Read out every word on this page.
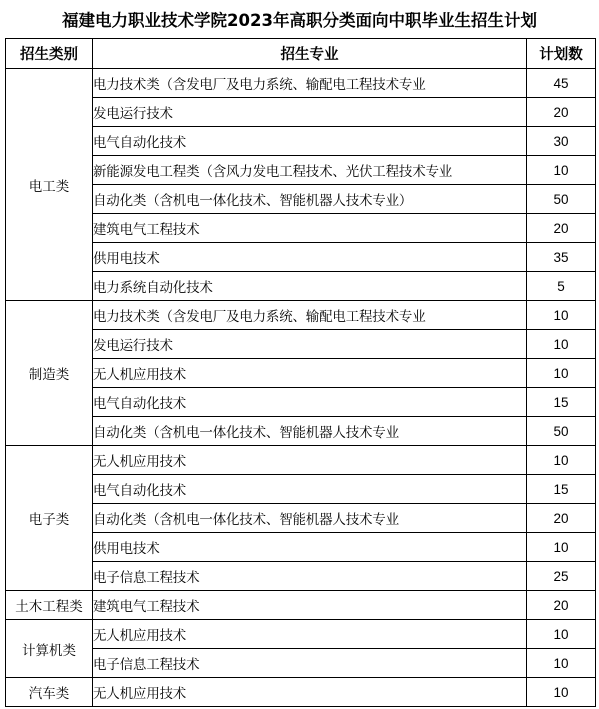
福建电力职业技术学院2023年高职分类面向中职毕业生招生计划
招生类别	招生专业	计划数
电工类	电力技术类（含发电厂及电力系统、输配电工程技术专业	45
	发电运行技术	20
	电气自动化技术	30
	新能源发电工程类（含风力发电工程技术、光伏工程技术专业	10
	自动化类（含机电一体化技术、智能机器人技术专业）	50
	建筑电气工程技术	20
	供用电技术	35
	电力系统自动化技术	5
制造类	电力技术类（含发电厂及电力系统、输配电工程技术专业	10
	发电运行技术	10
	无人机应用技术	10
	电气自动化技术	15
	自动化类（含机电一体化技术、智能机器人技术专业	50
电子类	无人机应用技术	10
	电气自动化技术	15
	自动化类（含机电一体化技术、智能机器人技术专业	20
	供用电技术	10
	电子信息工程技术	25
土木工程类	建筑电气工程技术	20
计算机类	无人机应用技术	10
	电子信息工程技术	10
汽车类	无人机应用技术	10
